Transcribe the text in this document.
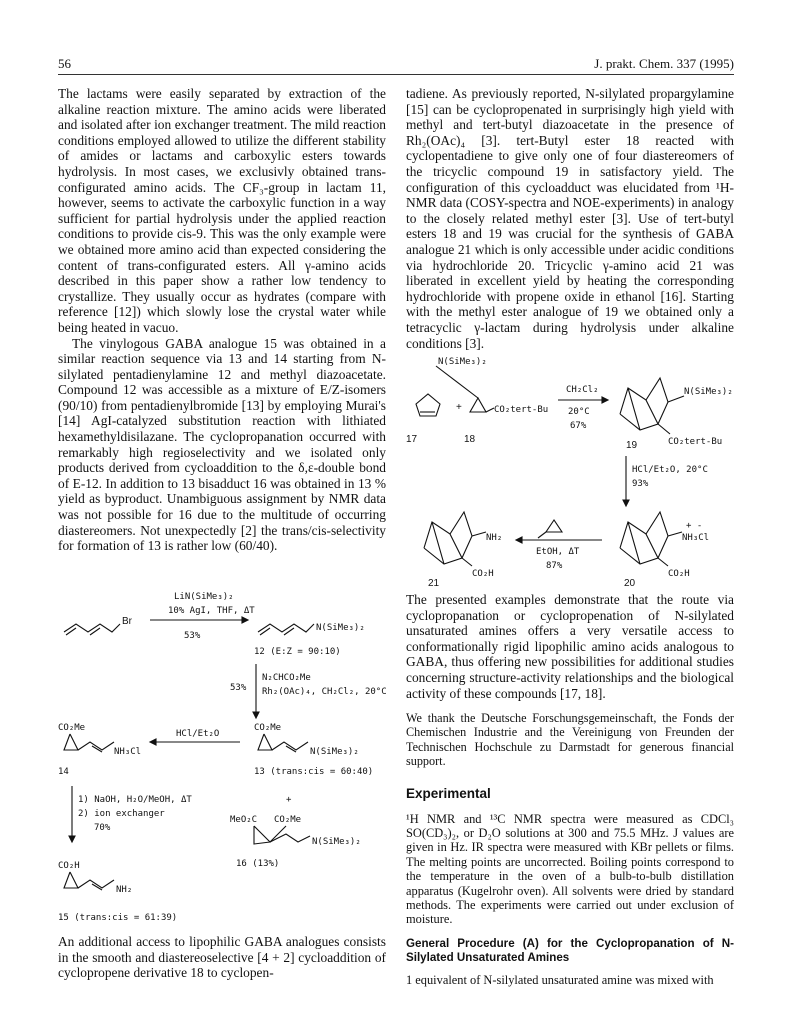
56	J. prakt. Chem. 337 (1995)

The lactams were easily separated by extraction of the alkaline reaction mixture. The amino acids were liberated and isolated after ion exchanger treatment. The mild reaction conditions employed allowed to utilize the different stability of amides or lactams and carboxylic esters towards hydrolysis. In most cases, we exclusivly obtained trans-configurated amino acids. The CF₃-group in lactam 11, however, seems to activate the carboxylic function in a way sufficient for partial hydrolysis under the applied reaction conditions to provide cis-9. This was the only example were we obtained more amino acid than expected considering the content of trans-configurated esters. All γ-amino acids described in this paper show a rather low tendency to crystallize. They usually occur as hydrates (compare with reference [12]) which slowly lose the crystal water while being heated in vacuo.

The vinylogous GABA analogue 15 was obtained in a similar reaction sequence via 13 and 14 starting from N-silylated pentadienylamine 12 and methyl diazoacetate. Compound 12 was accessible as a mixture of E/Z-isomers (90/10) from pentadienylbromide [13] by employing Murai's [14] AgI-catalyzed substitution reaction with lithiated hexamethyldisilazane. The cyclopropanation occurred with remarkably high regioselectivity and we isolated only products derived from cycloaddition to the δ,ε-double bond of E-12. In addition to 13 bisadduct 16 was obtained in 13 % yield as byproduct. Unambiguous assignment by NMR data was not possible for 16 due to the multitude of occurring diastereomers. Not unexpectedly [2] the trans/cis-selectivity for formation of 13 is rather low (60/40).

LiN(SiMe₃)₂
10% AgI, THF, ΔT
53%
Br
N(SiMe₃)₂
12 (E:Z = 90:10)
N₂CHCO₂Me
Rh₂(OAc)₄, CH₂Cl₂, 20°C
53%
CO₂Me
NH₃Cl
HCl/Et₂O
CO₂Me
N(SiMe₃)₂
14	13 (trans:cis = 60:40)
+
1) NaOH, H₂O/MeOH, ΔT
2) ion exchanger
70%
MeO₂C CO₂Me
N(SiMe₃)₂
16 (13%)
CO₂H
NH₂
15 (trans:cis = 61:39)

An additional access to lipophilic GABA analogues consists in the smooth and diastereoselective [4 + 2] cycloaddition of cyclopropene derivative 18 to cyclopen-

tadiene. As previously reported, N-silylated propargylamine [15] can be cyclopropenated in surprisingly high yield with methyl and tert-butyl diazoacetate in the presence of Rh₂(OAc)₄ [3]. tert-Butyl ester 18 reacted with cyclopentadiene to give only one of four diastereomers of the tricyclic compound 19 in satisfactory yield. The configuration of this cycloadduct was elucidated from ¹H-NMR data (COSY-spectra and NOE-experiments) in analogy to the closely related methyl ester [3]. Use of tert-butyl esters 18 and 19 was crucial for the synthesis of GABA analogue 21 which is only accessible under acidic conditions via hydrochloride 20. Tricyclic γ-amino acid 21 was liberated in excellent yield by heating the corresponding hydrochloride with propene oxide in ethanol [16]. Starting with the methyl ester analogue of 19 we obtained only a tetracyclic γ-lactam during hydrolysis under alkaline conditions [3].

N(SiMe₃)₂
+	CO₂tert-Bu
17	18
CH₂Cl₂
20°C
67%
N(SiMe₃)₂
CO₂tert-Bu
19
HCl/Et₂O, 20°C
93%
NH₂
CO₂H
21
EtOH, ΔT
87%
+ -
NH₃Cl
CO₂H
20

The presented examples demonstrate that the route via cyclopropanation or cyclopropenation of N-silylated unsaturated amines offers a very versatile access to conformationally rigid lipophilic amino acids analogous to GABA, thus offering new possibilities for additional studies concerning structure-activity relationships and the biological activity of these compounds [17, 18].

We thank the Deutsche Forschungsgemeinschaft, the Fonds der Chemischen Industrie and the Vereinigung von Freunden der Technischen Hochschule zu Darmstadt for generous financial support.

Experimental

¹H NMR and ¹³C NMR spectra were measured as CDCl₃ SO(CD₃)₂, or D₂O solutions at 300 and 75.5 MHz. J values are given in Hz. IR spectra were measured with KBr pellets or films. The melting points are uncorrected. Boiling points correspond to the temperature in the oven of a bulb-to-bulb distillation apparatus (Kugelrohr oven). All solvents were dried by standard methods. The experiments were carried out under exclusion of moisture.

General Procedure (A) for the Cyclopropanation of N-Silylated Unsaturated Amines

1 equivalent of N-silylated unsaturated amine was mixed with
